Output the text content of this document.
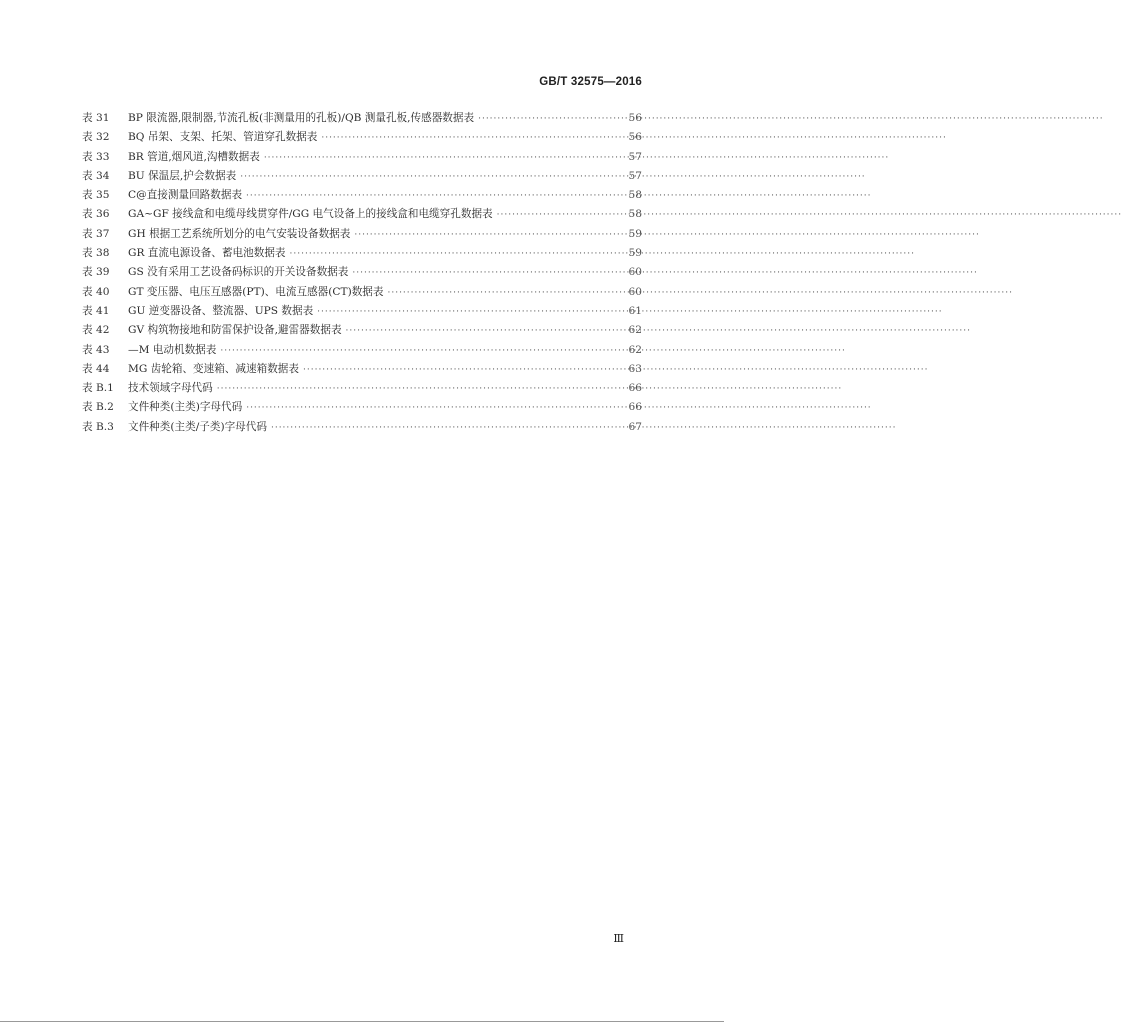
GB/T 32575—2016
表 31	BP 限流器,限制器,节流孔板(非测量用的孔板)/QB 测量孔板,传感器数据表 ·····	56
表 32	BQ 吊架、支架、托架、管道穿孔数据表 ·····	56
表 33	BR 管道,烟风道,沟槽数据表 ·····	57
表 34	BU 保温层,护会数据表 ·····	57
表 35	C@直接测量回路数据表 ·····	58
表 36	GA~GF 接线盒和电缆母线贯穿件/GG 电气设备上的接线盒和电缆穿孔数据表 ·····	58
表 37	GH 根据工艺系统所划分的电气安装设备数据表 ·····	59
表 38	GR 直流电源设备、蓄电池数据表 ·····	59
表 39	GS 没有采用工艺设备码标识的开关设备数据表 ·····	60
表 40	GT 变压器、电压互感器(PT)、电流互感器(CT)数据表 ·····	60
表 41	GU 逆变器设备、整流器、UPS 数据表 ·····	61
表 42	GV 构筑物接地和防雷保护设备,避雷器数据表 ·····	62
表 43	—M 电动机数据表 ·····	62
表 44	MG 齿轮箱、变速箱、减速箱数据表 ·····	63
表 B.1	技术领域字母代码 ·····	66
表 B.2	文件种类(主类)字母代码 ·····	66
表 B.3	文件种类(主类/子类)字母代码 ·····	67
Ⅲ
